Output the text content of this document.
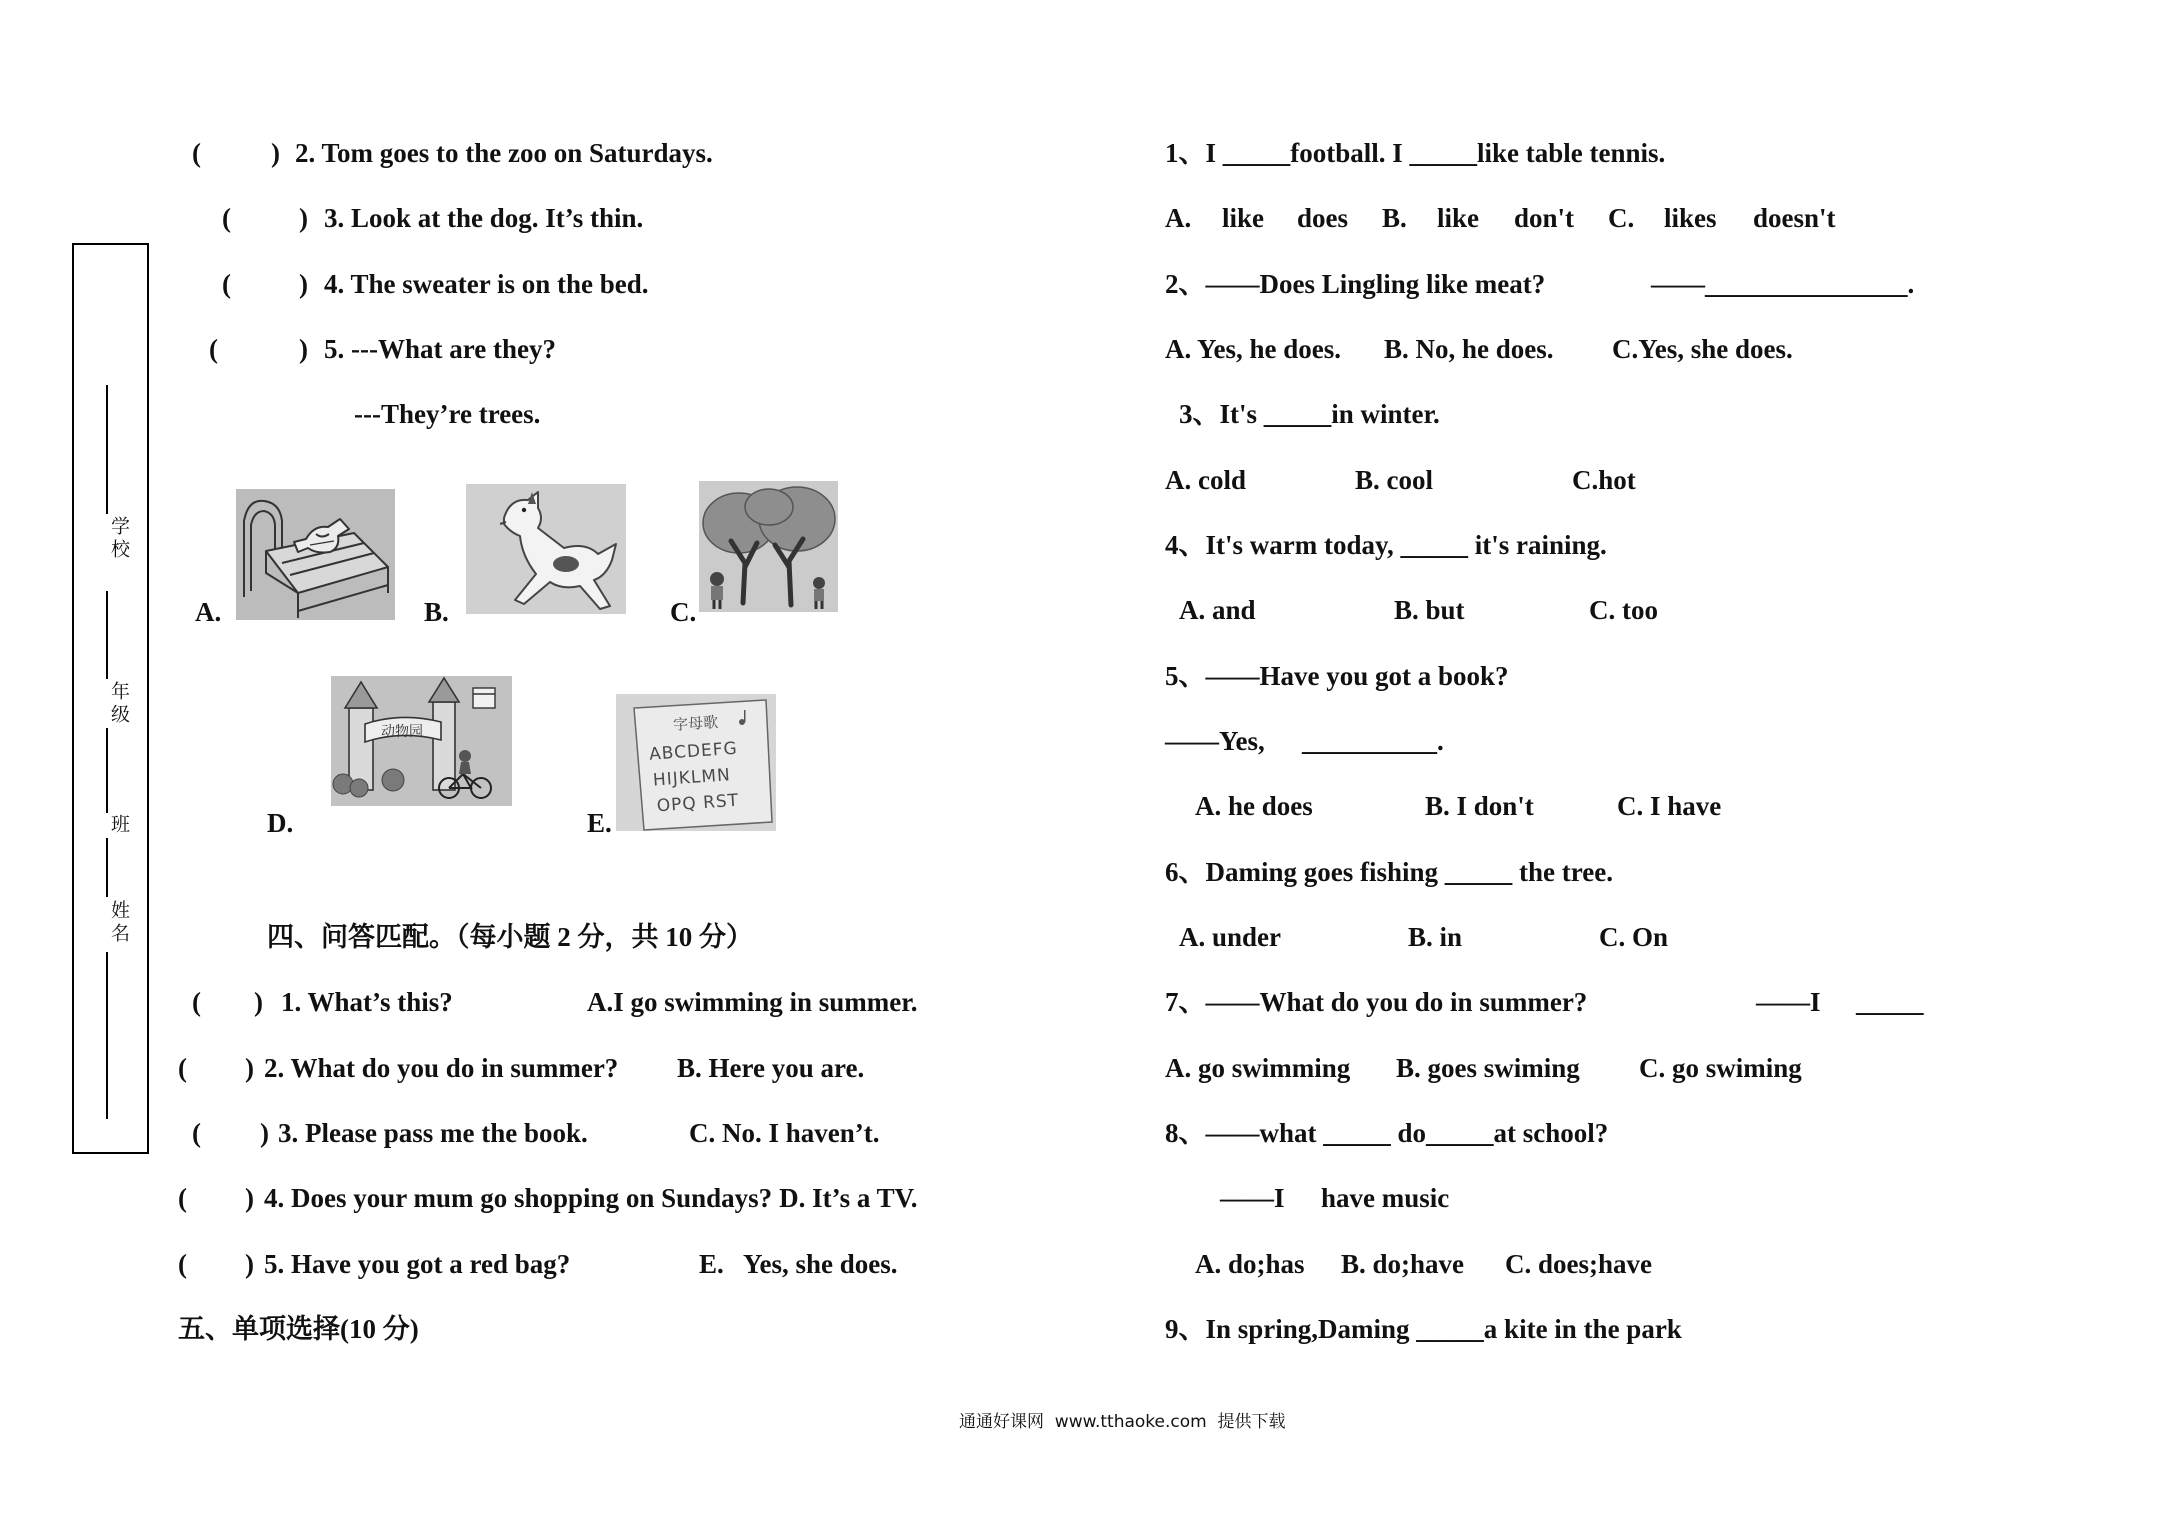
学校
年级
班
姓名
(	) 2. Tom goes to the zoo on Saturdays.
(	) 3. Look at the dog. It’s thin.
(	) 4. The sweater is on the bed.
(	) 5. ---What are they?
---They’re trees.
A.	B.	C.
D.	E.
动物园	字母歌
ABCDEFG
HIJKLMN
OPQ RST
四、问答匹配。（每小题 2 分，共 10 分）
( ) 1. What’s this?	A.I go swimming in summer.
( ) 2. What do you do in summer? B. Here you are.
( ) 3. Please pass me the book.	C. No. I haven’t.
( ) 4. Does your mum go shopping on Sundays? D. It’s a TV.
( ) 5. Have you got a red bag?	E.   Yes, she does.
五、单项选择(10 分)
1、I _____football. I _____like table tennis.
A. like does B. like don't C. likes doesn't
2、——Does Lingling like meat?	——_______________.
A. Yes, he does. B. No, he does. C.Yes, she does.
3、It's _____in winter.
A. cold	B. cool	C.hot
4、It's warm today, _____ it's raining.
A. and	B. but	C. too
5、——Have you got a book?
——Yes, __________.
A. he does	B. I don't	C. I have
6、Daming goes fishing _____ the tree.
A. under	B. in	C. On
7、——What do you do in summer?	——I _____
A. go swimming B. goes swiming C. go swiming
8、——what _____ do_____at school?
——I have music
A. do;has B. do;have C. does;have
9、In spring,Daming _____a kite in the park
通通好课网  www.tthaoke.com  提供下载
